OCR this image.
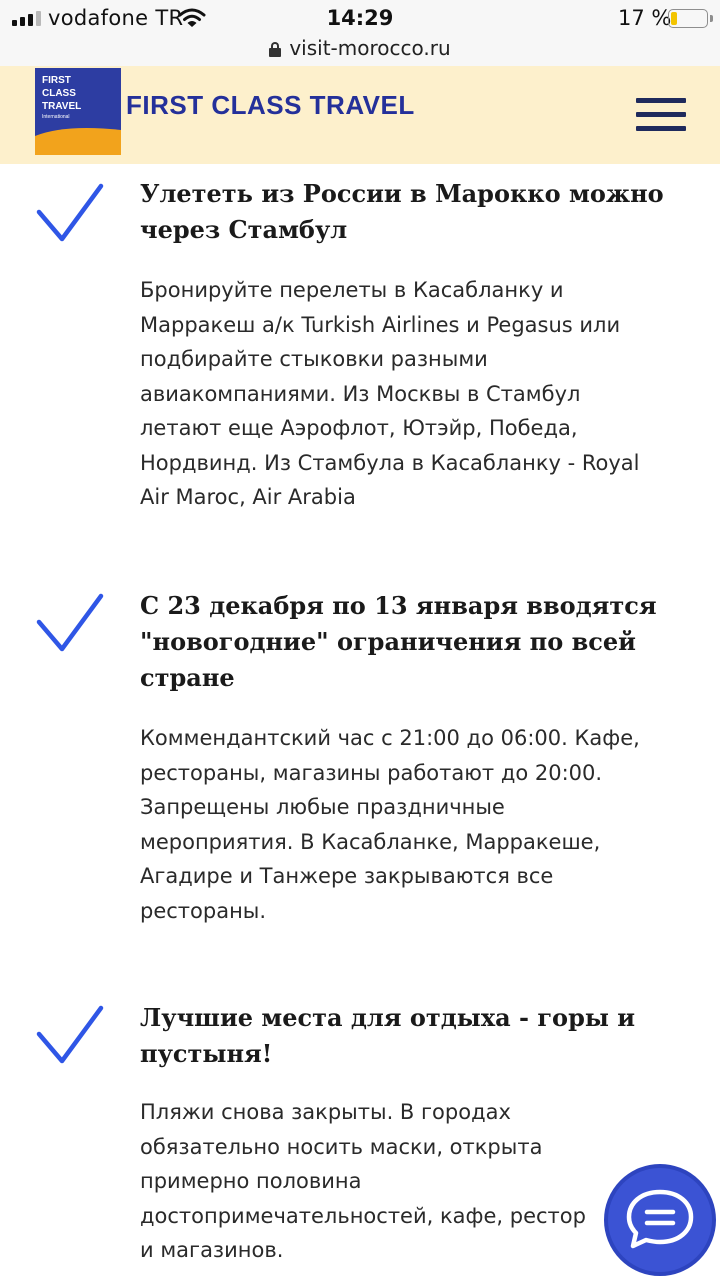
vodafone TR	14:29	17 %
visit-morocco.ru
FIRST
CLASS
TRAVEL
International FIRST CLASS TRAVEL
Улететь из России в Марокко можно
через Стамбул
Бронируйте перелеты в Касабланку и
Марракеш а/к Turkish Airlines и Pegasus или
подбирайте стыковки разными
авиакомпаниями. Из Москвы в Стамбул
летают еще Аэрофлот, Ютэйр, Победа,
Нордвинд. Из Стамбула в Касабланку - Royal
Air Maroc, Air Arabia
С 23 декабря по 13 января вводятся
"новогодние" ограничения по всей
стране
Коммендантский час с 21:00 до 06:00. Кафе,
рестораны, магазины работают до 20:00.
Запрещены любые праздничные
мероприятия. В Касабланке, Марракеше,
Агадире и Танжере закрываются все
рестораны.
Лучшие места для отдыха - горы и
пустыня!
Пляжи снова закрыты. В городах
обязательно носить маски, открыта
примерно половина
достопримечательностей, кафе, рестор
и магазинов.
